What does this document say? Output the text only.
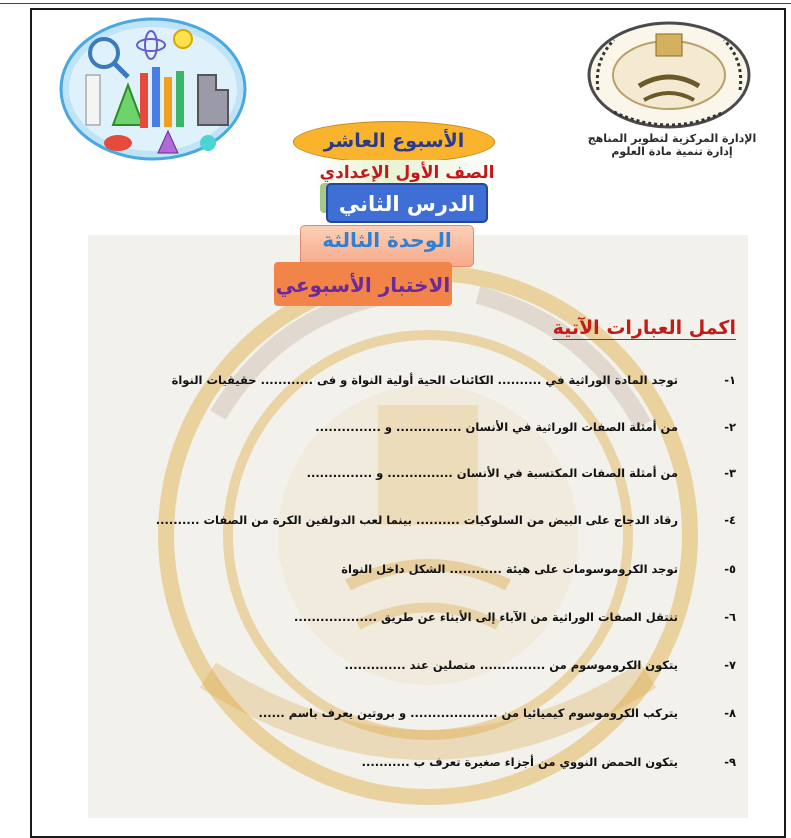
الإدارة المركزية لتطوير المناهج
إدارة تنمية مادة العلوم
الأسبوع العاشر
الصف الأول الإعدادي
الدرس الثاني
الوحدة الثالثة
الاختبار الأسبوعي
اكمل العبارات الآتية
١-
توجد المادة الوراثية في .......... الكائنات الحية أولية النواة و فى ............ حقيقيات النواة
٢-
من أمثلة الصفات الوراثية في الأنسان ............... و ...............
٣-
من أمثلة الصفات المكتسبة في الأنسان ............... و ...............
٤-
رقاد الدجاج على البيض من السلوكيات .......... بينما لعب الدولفين الكرة من الصفات ..........
٥-
توجد الكروموسومات على هيئة ............ الشكل داخل النواة
٦-
تنتقل الصفات الوراثية من الآباء إلى الأبناء عن طريق ...................
٧-
يتكون الكروموسوم من ............... متصلين عند ..............
٨-
يتركب الكروموسوم كيميائيا من .................... و بروتين يعرف باسم ......
٩-
يتكون الحمض النووي من أجزاء صغيرة تعرف ب ...........
